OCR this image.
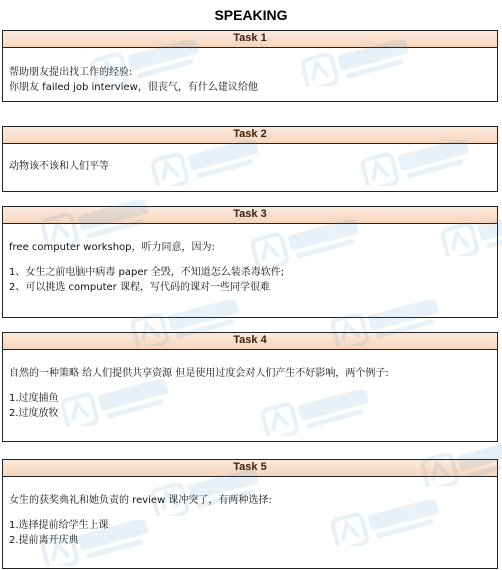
SPEAKING
Task 1

帮助朋友提出找工作的经验:

你朋友 failed job interview，很丧气，有什么建议给他

Task 2

动物该不该和人们平等

Task 3

free computer workshop，听力同意，因为:

1、女生之前电脑中病毒 paper 全毁，不知道怎么装杀毒软件;

2、可以挑选 computer 课程，写代码的课对一些同学很难

Task 4

自然的一种策略 给人们提供共享资源 但是使用过度会对人们产生不好影响，两个例子:

1.过度捕鱼

2.过度放牧

Task 5

女生的获奖典礼和她负责的 review 课冲突了，有两种选择:

1.选择提前给学生上课

2.提前离开庆典
